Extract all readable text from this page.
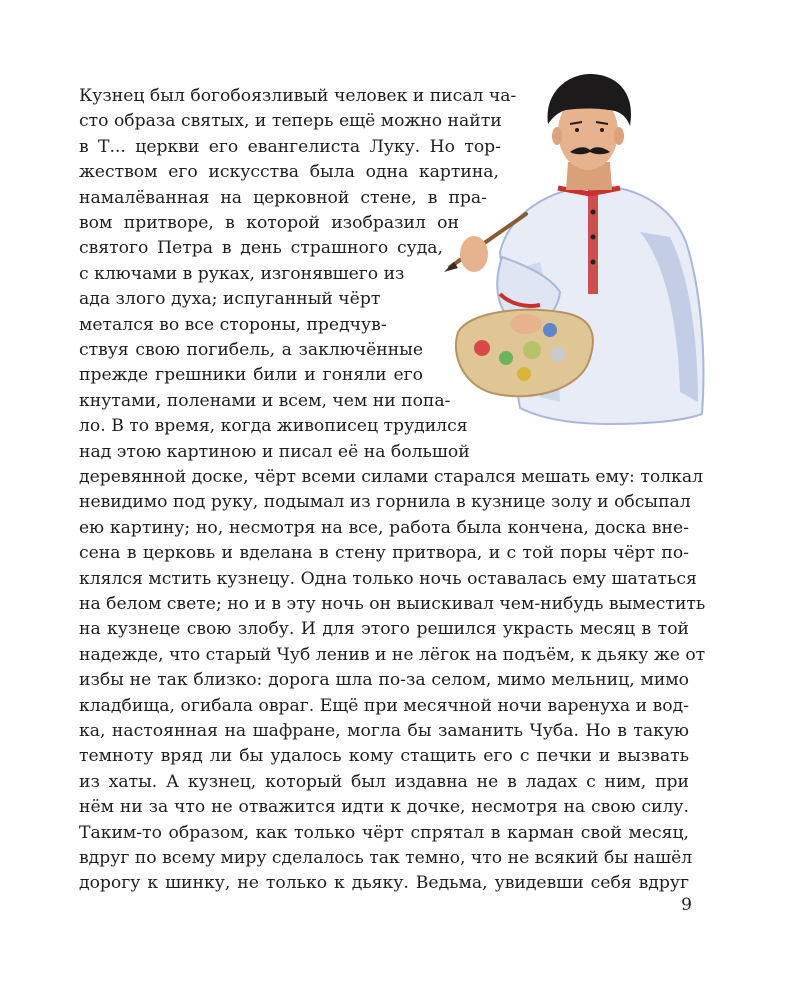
Кузнец был богобоязливый человек и писал ча-
сто образа святых, и теперь ещё можно найти
в Т... церкви его евангелиста Луку. Но тор-
жеством его искусства была одна картина,
намалёванная на церковной стене, в пра-
вом притворе, в которой изобразил он
святого Петра в день страшного суда,
с ключами в руках, изгонявшего из
ада злого духа; испуганный чёрт
метался во все стороны, предчув-
ствуя свою погибель, а заключённые
прежде грешники били и гоняли его
кнутами, поленами и всем, чем ни попа-
ло. В то время, когда живописец трудился
над этою картиною и писал её на большой
деревянной доске, чёрт всеми силами старался мешать ему: толкал
невидимо под руку, подымал из горнила в кузнице золу и обсыпал
ею картину; но, несмотря на все, работа была кончена, доска вне-
сена в церковь и вделана в стену притвора, и с той поры чёрт по-
клялся мстить кузнецу. Одна только ночь оставалась ему шататься
на белом свете; но и в эту ночь он выискивал чем-нибудь выместить
на кузнеце свою злобу. И для этого решился украсть месяц в той
надежде, что старый Чуб ленив и не лёгок на подъём, к дьяку же от
избы не так близко: дорога шла по-за селом, мимо мельниц, мимо
кладбища, огибала овраг. Ещё при месячной ночи варенуха и вод-
ка, настоянная на шафране, могла бы заманить Чуба. Но в такую
темноту вряд ли бы удалось кому стащить его с печки и вызвать
из хаты. А кузнец, который был издавна не в ладах с ним, при
нём ни за что не отважится идти к дочке, несмотря на свою силу.
Таким-то образом, как только чёрт спрятал в карман свой месяц,
вдруг по всему миру сделалось так темно, что не всякий бы нашёл
дорогу к шинку, не только к дьяку. Ведьма, увидевши себя вдруг
9
